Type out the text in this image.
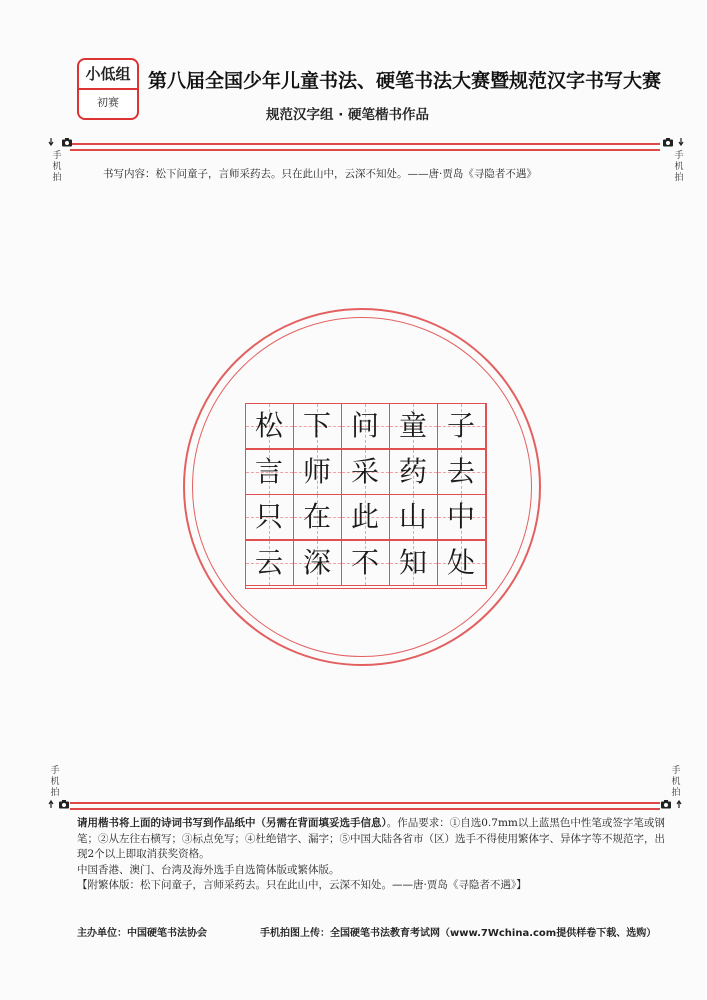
小低组
初赛
第八届全国少年儿童书法、硬笔书法大赛暨规范汉字书写大赛
规范汉字组 · 硬笔楷书作品

手机拍

手机拍
书写内容：松下问童子，言师采药去。只在此山中，云深不知处。——唐·贾岛《寻隐者不遇》
松 下 问 童 子
言 师 采 药 去
只 在 此 山 中
云 深 不 知 处
手机拍

手机拍

请用楷书将上面的诗词书写到作品纸中（另需在背面填妥选手信息）。作品要求：①自选0.7mm以上蓝黑色中性笔或签字笔或钢笔；②从左往右横写；③标点免写；④杜绝错字、漏字；⑤中国大陆各省市（区）选手不得使用繁体字、异体字等不规范字，出现2个以上即取消获奖资格。
中国香港、澳门、台湾及海外选手自选简体版或繁体版。
【附繁体版：松下问童子，言师采药去。只在此山中，云深不知处。——唐·贾岛《寻隐者不遇》】
主办单位：中国硬笔书法协会	手机拍图上传：全国硬笔书法教育考试网（www.7Wchina.com提供样卷下载、选购）
